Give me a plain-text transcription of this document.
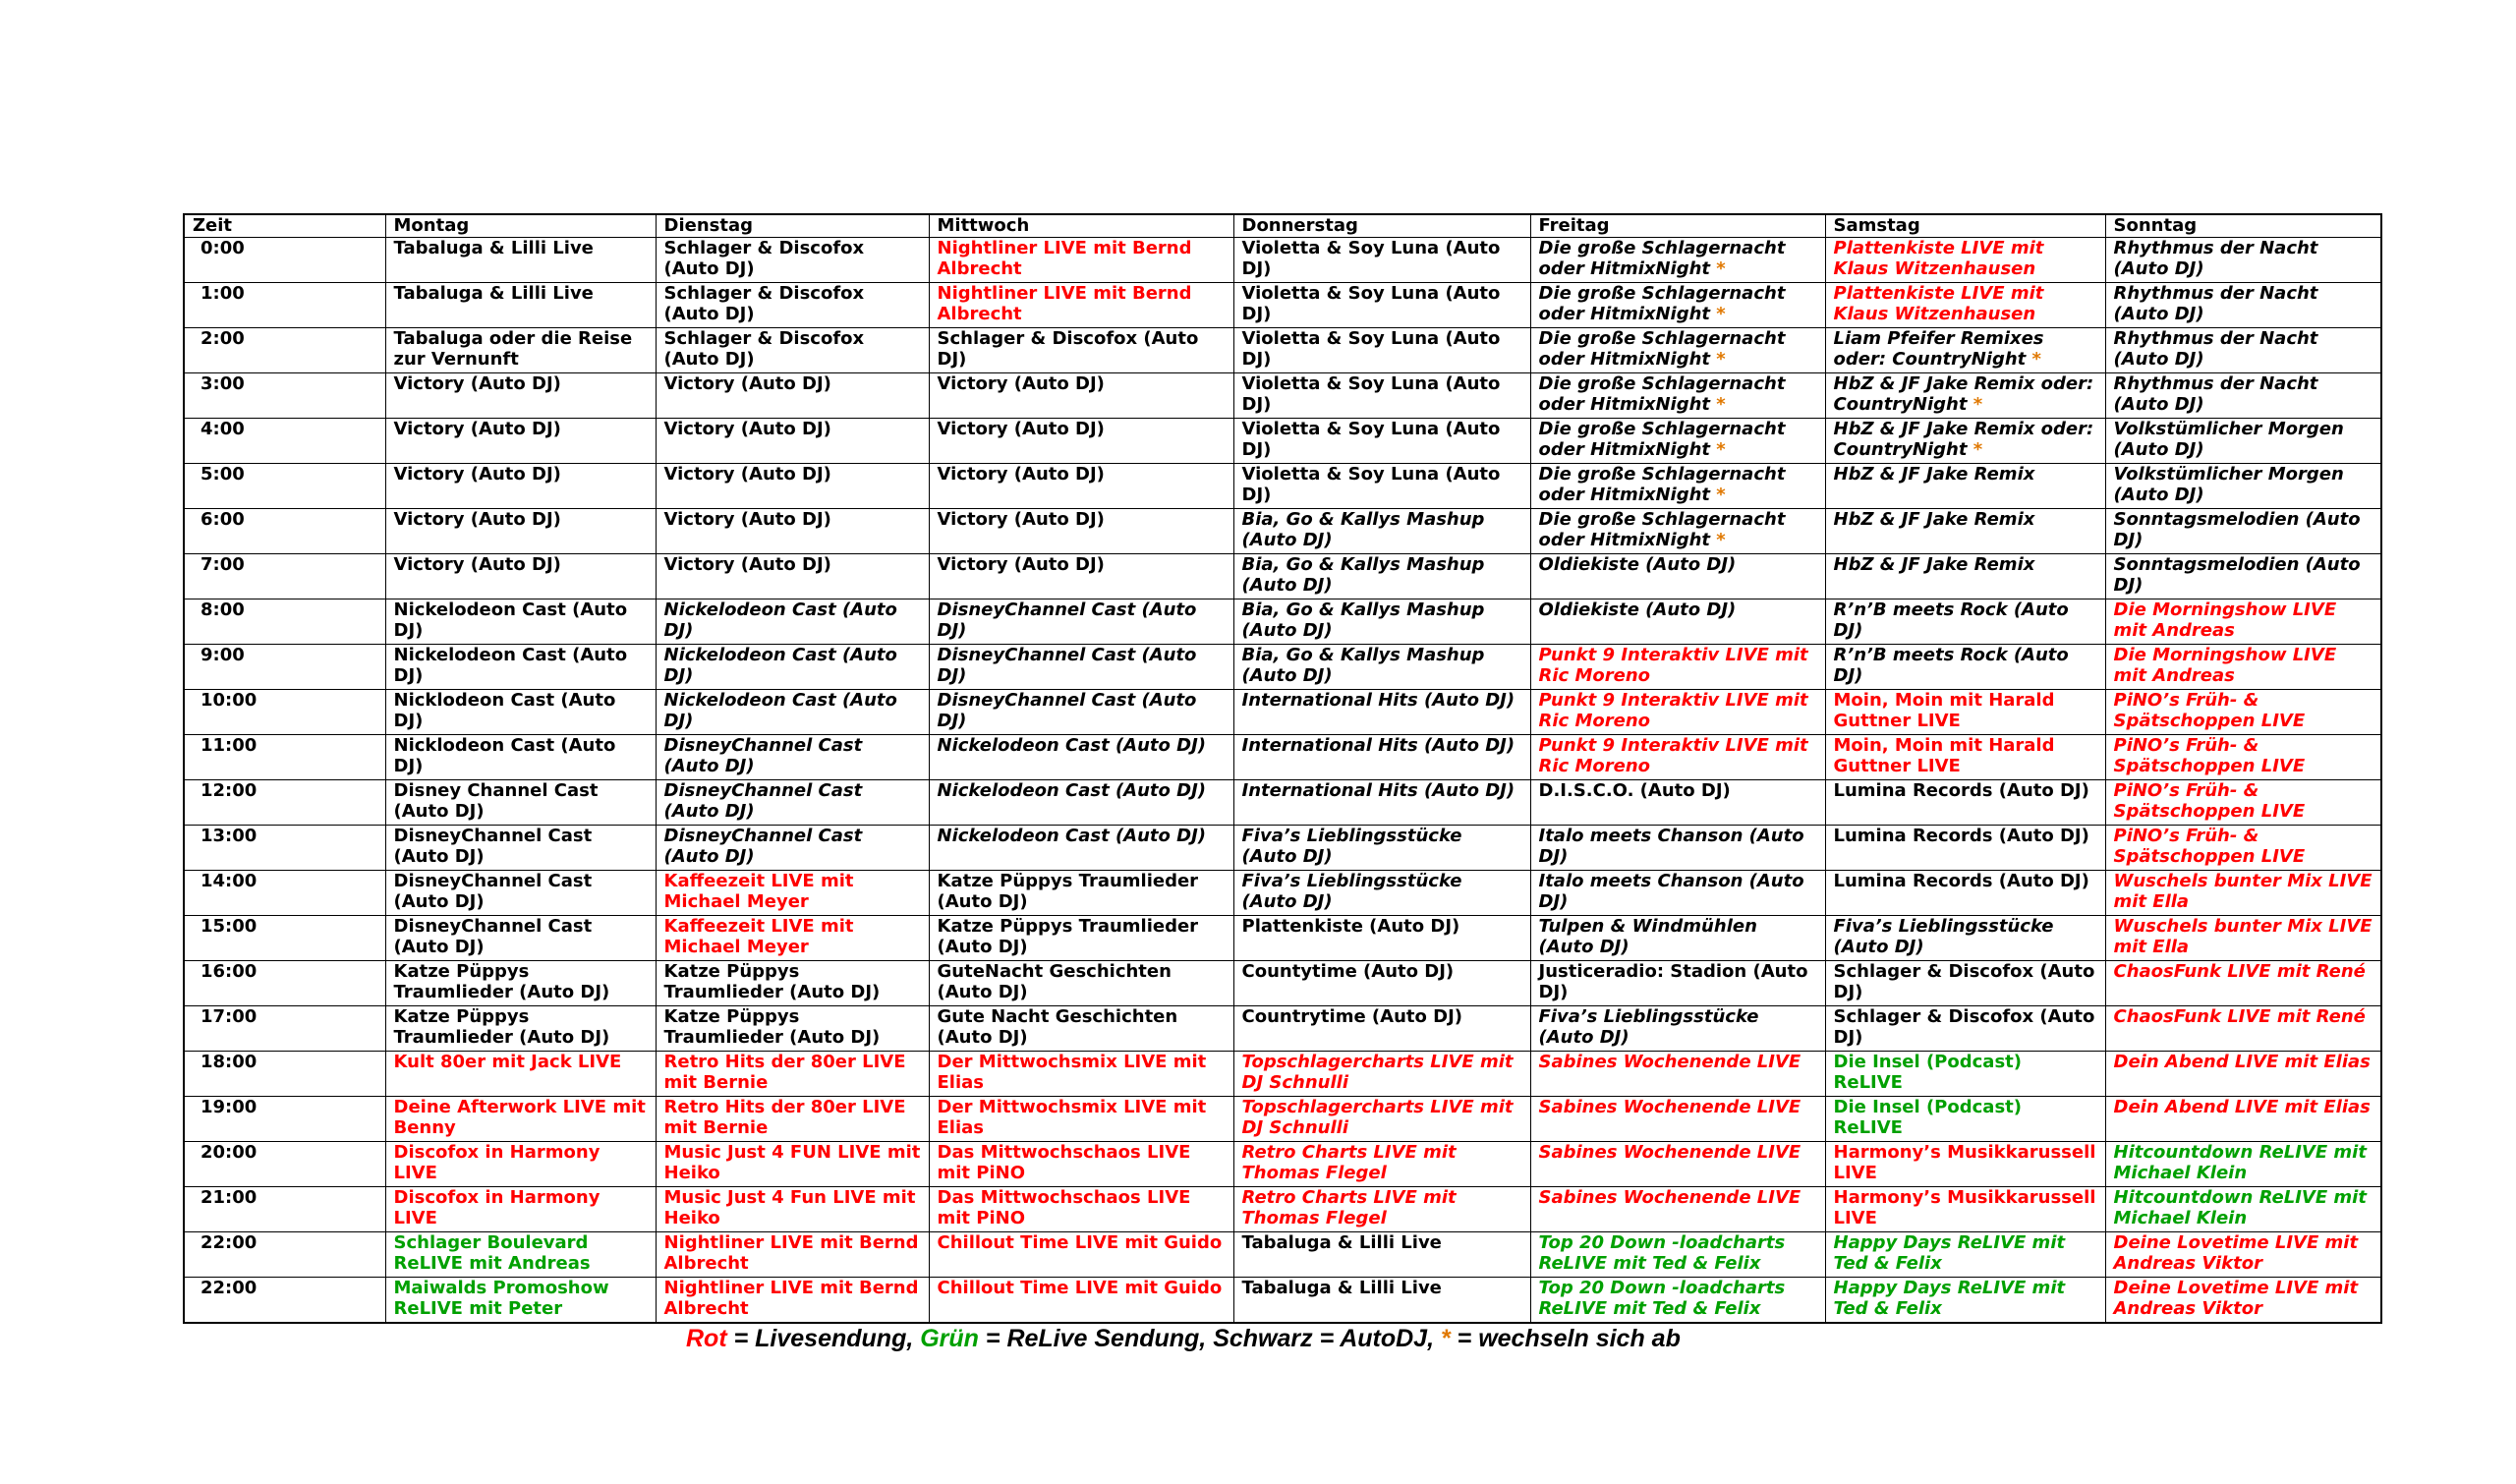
Zeit	Montag	Dienstag	Mittwoch	Donnerstag	Freitag	Samstag	Sonntag
0:00	Tabaluga & Lilli Live	Schlager & Discofox (Auto DJ)	Nightliner LIVE mit Bernd Albrecht	Violetta & Soy Luna (Auto DJ)	Die große Schlagernacht oder HitmixNight *	Plattenkiste LIVE mit Klaus Witzenhausen	Rhythmus der Nacht (Auto DJ)
1:00	Tabaluga & Lilli Live	Schlager & Discofox (Auto DJ)	Nightliner LIVE mit Bernd Albrecht	Violetta & Soy Luna (Auto DJ)	Die große Schlagernacht oder HitmixNight *	Plattenkiste LIVE mit Klaus Witzenhausen	Rhythmus der Nacht (Auto DJ)
2:00	Tabaluga oder die Reise zur Vernunft	Schlager & Discofox (Auto DJ)	Schlager & Discofox (Auto DJ)	Violetta & Soy Luna (Auto DJ)	Die große Schlagernacht oder HitmixNight *	Liam Pfeifer Remixes oder: CountryNight *	Rhythmus der Nacht (Auto DJ)
3:00	Victory (Auto DJ)	Victory (Auto DJ)	Victory (Auto DJ)	Violetta & Soy Luna (Auto DJ)	Die große Schlagernacht oder HitmixNight *	HbZ & JF Jake Remix oder: CountryNight *	Rhythmus der Nacht (Auto DJ)
4:00	Victory (Auto DJ)	Victory (Auto DJ)	Victory (Auto DJ)	Violetta & Soy Luna (Auto DJ)	Die große Schlagernacht oder HitmixNight *	HbZ & JF Jake Remix oder: CountryNight *	Volkstümlicher Morgen (Auto DJ)
5:00	Victory (Auto DJ)	Victory (Auto DJ)	Victory (Auto DJ)	Violetta & Soy Luna (Auto DJ)	Die große Schlagernacht oder HitmixNight *	HbZ & JF Jake Remix	Volkstümlicher Morgen (Auto DJ)
6:00	Victory (Auto DJ)	Victory (Auto DJ)	Victory (Auto DJ)	Bia, Go & Kallys Mashup (Auto DJ)	Die große Schlagernacht oder HitmixNight *	HbZ & JF Jake Remix	Sonntagsmelodien (Auto DJ)
7:00	Victory (Auto DJ)	Victory (Auto DJ)	Victory (Auto DJ)	Bia, Go & Kallys Mashup (Auto DJ)	Oldiekiste (Auto DJ)	HbZ & JF Jake Remix	Sonntagsmelodien (Auto DJ)
8:00	Nickelodeon Cast (Auto DJ)	Nickelodeon Cast (Auto DJ)	DisneyChannel Cast (Auto DJ)	Bia, Go & Kallys Mashup (Auto DJ)	Oldiekiste (Auto DJ)	R’n’B meets Rock (Auto DJ)	Die Morningshow LIVE mit Andreas
9:00	Nickelodeon Cast (Auto DJ)	Nickelodeon Cast (Auto DJ)	DisneyChannel Cast (Auto DJ)	Bia, Go & Kallys Mashup (Auto DJ)	Punkt 9 Interaktiv LIVE mit Ric Moreno	R’n’B meets Rock (Auto DJ)	Die Morningshow LIVE mit Andreas
10:00	Nicklodeon Cast (Auto DJ)	Nickelodeon Cast (Auto DJ)	DisneyChannel Cast (Auto DJ)	International Hits (Auto DJ)	Punkt 9 Interaktiv LIVE mit Ric Moreno	Moin, Moin mit Harald Guttner LIVE	PiNO’s Früh- & Spätschoppen LIVE
11:00	Nicklodeon Cast (Auto DJ)	DisneyChannel Cast (Auto DJ)	Nickelodeon Cast (Auto DJ)	International Hits (Auto DJ)	Punkt 9 Interaktiv LIVE mit Ric Moreno	Moin, Moin mit Harald Guttner LIVE	PiNO’s Früh- & Spätschoppen LIVE
12:00	Disney Channel Cast (Auto DJ)	DisneyChannel Cast (Auto DJ)	Nickelodeon Cast (Auto DJ)	International Hits (Auto DJ)	D.I.S.C.O. (Auto DJ)	Lumina Records (Auto DJ)	PiNO’s Früh- & Spätschoppen LIVE
13:00	DisneyChannel Cast (Auto DJ)	DisneyChannel Cast (Auto DJ)	Nickelodeon Cast (Auto DJ)	Fiva’s Lieblingsstücke (Auto DJ)	Italo meets Chanson (Auto DJ)	Lumina Records (Auto DJ)	PiNO’s Früh- & Spätschoppen LIVE
14:00	DisneyChannel Cast (Auto DJ)	Kaffeezeit LIVE mit Michael Meyer	Katze Püppys Traumlieder (Auto DJ)	Fiva’s Lieblingsstücke (Auto DJ)	Italo meets Chanson (Auto DJ)	Lumina Records (Auto DJ)	Wuschels bunter Mix LIVE mit Ella
15:00	DisneyChannel Cast (Auto DJ)	Kaffeezeit LIVE mit Michael Meyer	Katze Püppys Traumlieder (Auto DJ)	Plattenkiste (Auto DJ)	Tulpen & Windmühlen (Auto DJ)	Fiva’s Lieblingsstücke (Auto DJ)	Wuschels bunter Mix LIVE mit Ella
16:00	Katze Püppys Traumlieder (Auto DJ)	Katze Püppys Traumlieder (Auto DJ)	GuteNacht Geschichten (Auto DJ)	Countytime (Auto DJ)	Justiceradio: Stadion (Auto DJ)	Schlager & Discofox (Auto DJ)	ChaosFunk LIVE mit René
17:00	Katze Püppys Traumlieder (Auto DJ)	Katze Püppys Traumlieder (Auto DJ)	Gute Nacht Geschichten (Auto DJ)	Countrytime (Auto DJ)	Fiva’s Lieblingsstücke (Auto DJ)	Schlager & Discofox (Auto DJ)	ChaosFunk LIVE mit René
18:00	Kult 80er mit Jack LIVE	Retro Hits der 80er LIVE mit Bernie	Der Mittwochsmix LIVE mit Elias	Topschlagercharts LIVE mit DJ Schnulli	Sabines Wochenende LIVE	Die Insel (Podcast) ReLIVE	Dein Abend LIVE mit Elias
19:00	Deine Afterwork LIVE mit Benny	Retro Hits der 80er LIVE mit Bernie	Der Mittwochsmix LIVE mit Elias	Topschlagercharts LIVE mit DJ Schnulli	Sabines Wochenende LIVE	Die Insel (Podcast) ReLIVE	Dein Abend LIVE mit Elias
20:00	Discofox in Harmony LIVE	Music Just 4 FUN LIVE mit Heiko	Das Mittwochschaos LIVE mit PiNO	Retro Charts LIVE mit Thomas Flegel	Sabines Wochenende LIVE	Harmony’s Musikkarussell LIVE	Hitcountdown ReLIVE mit Michael Klein
21:00	Discofox in Harmony LIVE	Music Just 4 Fun LIVE mit Heiko	Das Mittwochschaos LIVE mit PiNO	Retro Charts LIVE mit Thomas Flegel	Sabines Wochenende LIVE	Harmony’s Musikkarussell LIVE	Hitcountdown ReLIVE mit Michael Klein
22:00	Schlager Boulevard ReLIVE mit Andreas	Nightliner LIVE mit Bernd Albrecht	Chillout Time LIVE mit Guido	Tabaluga & Lilli Live	Top 20 Down -loadcharts ReLIVE mit Ted & Felix	Happy Days ReLIVE mit Ted & Felix	Deine Lovetime LIVE mit Andreas Viktor
22:00	Maiwalds Promoshow ReLIVE mit Peter	Nightliner LIVE mit Bernd Albrecht	Chillout Time LIVE mit Guido	Tabaluga & Lilli Live	Top 20 Down -loadcharts ReLIVE mit Ted & Felix	Happy Days ReLIVE mit Ted & Felix	Deine Lovetime LIVE mit Andreas Viktor
Rot = Livesendung, Grün = ReLive Sendung, Schwarz = AutoDJ, * = wechseln sich ab
